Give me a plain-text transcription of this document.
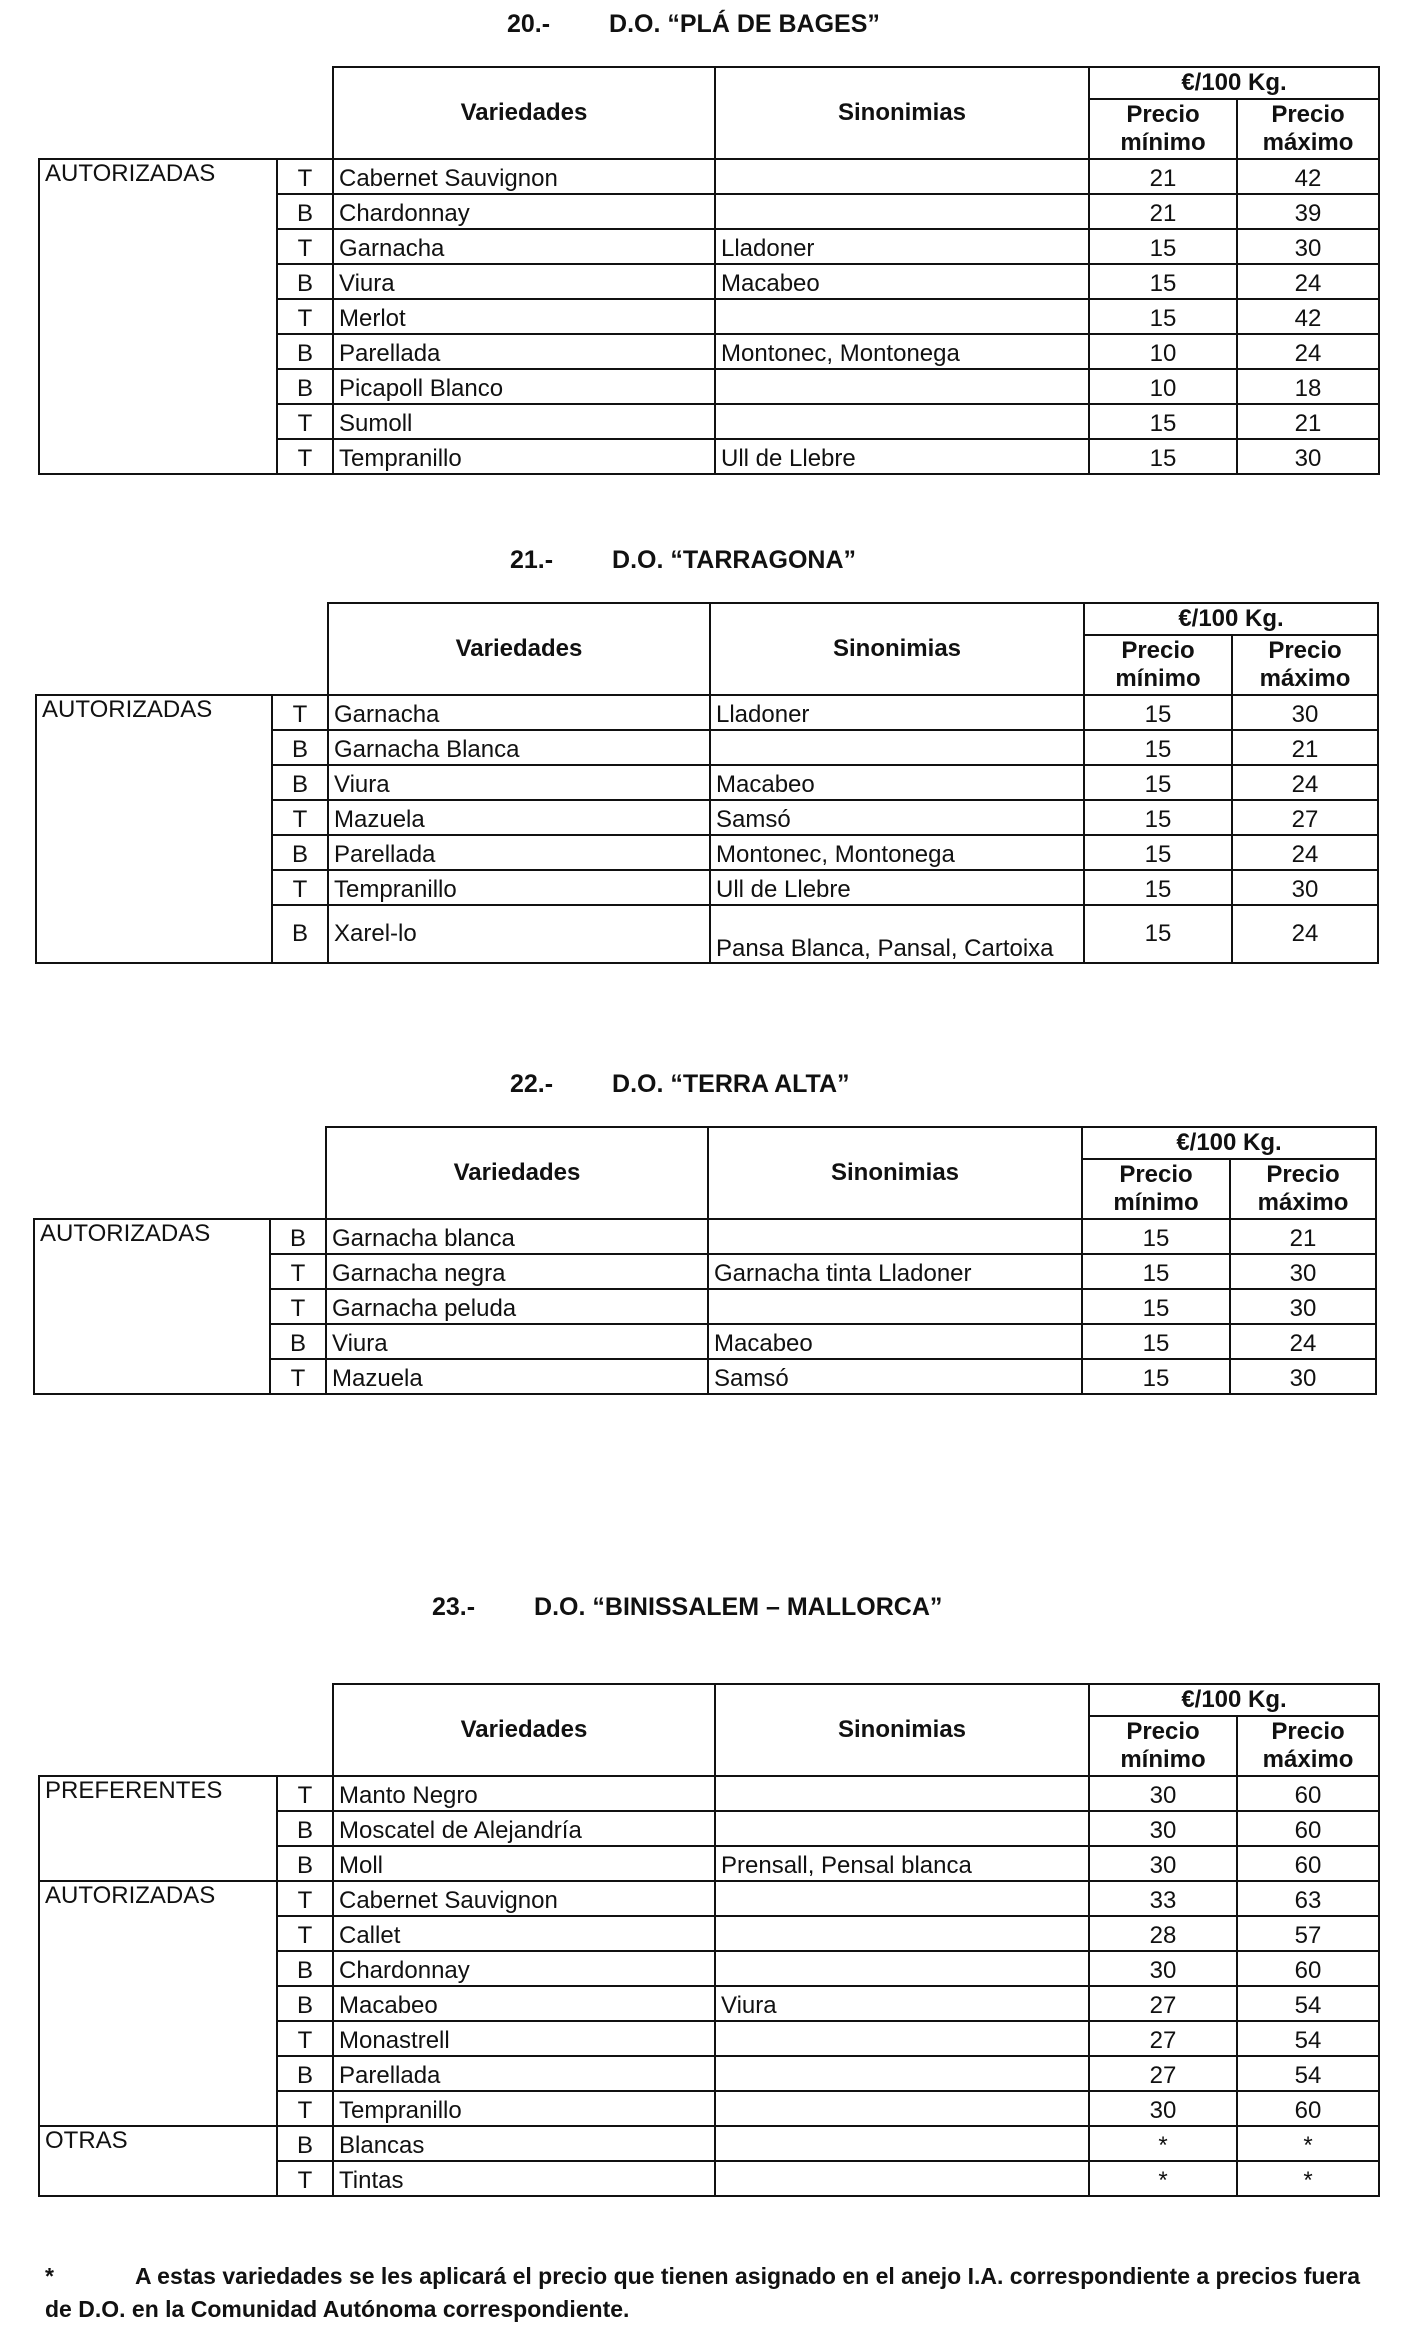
20.- D.O. “PLÁ DE BAGES”
		Variedades	Sinonimias	€/100 Kg.	
				Precio mínimo	Precio máximo
AUTORIZADAS	T	Cabernet Sauvignon		21	42
	B	Chardonnay		21	39
	T	Garnacha	Lladoner	15	30
	B	Viura	Macabeo	15	24
	T	Merlot		15	42
	B	Parellada	Montonec, Montonega	10	24
	B	Picapoll Blanco		10	18
	T	Sumoll		15	21
	T	Tempranillo	Ull de Llebre	15	30
21.- D.O. “TARRAGONA”
		Variedades	Sinonimias	€/100 Kg.	
				Precio mínimo	Precio máximo
AUTORIZADAS	T	Garnacha	Lladoner	15	30
	B	Garnacha Blanca		15	21
	B	Viura	Macabeo	15	24
	T	Mazuela	Samsó	15	27
	B	Parellada	Montonec, Montonega	15	24
	T	Tempranillo	Ull de Llebre	15	30
	B	Xarel-lo	Pansa Blanca, Pansal, Cartoixa	15	24
22.- D.O. “TERRA ALTA”
		Variedades	Sinonimias	€/100 Kg.	
				Precio mínimo	Precio máximo
AUTORIZADAS	B	Garnacha blanca		15	21
	T	Garnacha negra	Garnacha tinta Lladoner	15	30
	T	Garnacha peluda		15	30
	B	Viura	Macabeo	15	24
	T	Mazuela	Samsó	15	30
23.- D.O. “BINISSALEM – MALLORCA”
		Variedades	Sinonimias	€/100 Kg.	
				Precio mínimo	Precio máximo
PREFERENTES	T	Manto Negro		30	60
	B	Moscatel de Alejandría		30	60
	B	Moll	Prensall, Pensal blanca	30	60
AUTORIZADAS	T	Cabernet Sauvignon		33	63
	T	Callet		28	57
	B	Chardonnay		30	60
	B	Macabeo	Viura	27	54
	T	Monastrell		27	54
	B	Parellada		27	54
	T	Tempranillo		30	60
OTRAS	B	Blancas		*	*
	T	Tintas		*	*
*	A estas variedades se les aplicará el precio que tienen asignado en el anejo I.A. correspondiente a precios fuera de D.O. en la Comunidad Autónoma correspondiente.
